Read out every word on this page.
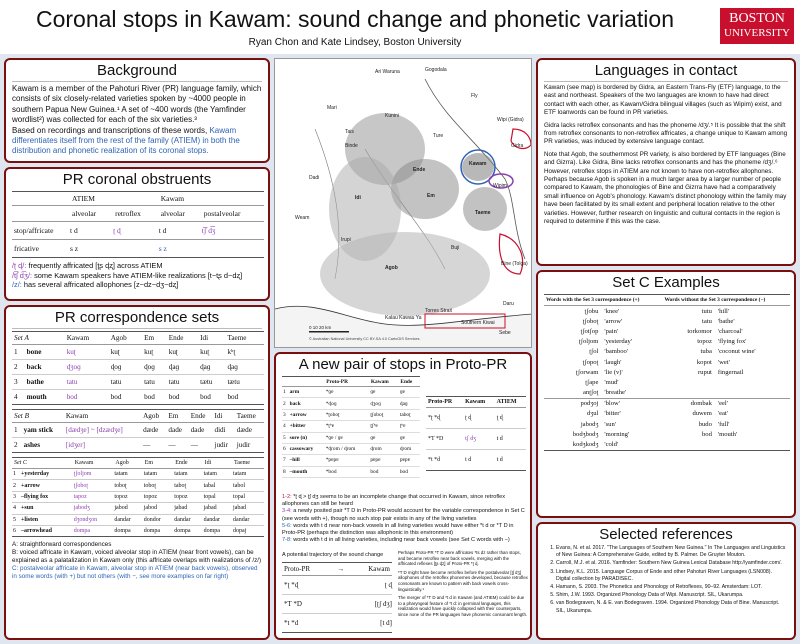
Coronal stops in Kawam: sound change and phonetic variation
Ryan Chon and Kate Lindsey, Boston University
BOSTON
UNIVERSITY
Background
Kawam is a member of the Pahoturi River (PR) language family, which consists of six closely-related varieties spoken by ~4000 people in southern Papua New Guinea.¹ A set of ~400 words (the Yamfinder wordlist²) was collected for each of the six varieties.³
Based on recordings and transcriptions of these words, Kawam differentiates itself from the rest of the family (ATIEM) in both the distribution and phonetic realization of its coronal stops.
PR coronal obstruents
	ATIEM		Kawam	
	alveolar	retroflex	alveolar	postalveolar
stop/affricate	t d	ʈ ɖ	t d	t͡ʃ d͡ʒ
fricative	s z		s z	
/ʈ ɖ/: frequently affricated [ʈʂ ɖʐ] across ATIEM
/t͡ʃ d͡ʒ/: some Kawam speakers have ATIEM-like realizations [t~tʂ d~dʐ]
/z/: has several affricated allophones [z~dz~dʒ~dʐ]
PR correspondence sets
Set A		Kawam	Agob	Em	Ende	Idi	Taeme
1	bone	kuʈ	kuʈ	kuʈ	kuʈ	kuʈ	kʰʈ
2	back	ɖʒoɡ	ɖoɡ	ɖoɡ	ɖaɡ	ɖaɡ	ɖaɡ
3	bathe	tatu	tatu	tatu	tatu	tætu	tætu
4	mouth	bod	bod	bod	bod	bod	bod
Set B		Kawam	Agob	Em	Ende	Idi	Taeme
1	yam stick	[dædʒe] ~ [dzædʒe]	dæde	dade	dade	didi	dæde
2	ashes	[idʒer]	—	—	—	judir	judir
Set C		Kawam	Agob	Em	Ende	Idi	Taeme
1	+yesterday	ʈʃoljom	tatam	tatam	tatam	tatam	tatam
2	+arrow	ʈʃoboʈ	toboʈ	toboʈ	taboʈ	tabal	tabol
3	–flying fox	tapoz	topoz	topoz	topoz	topal	topal
4	+sun	jabodʒ	jabod	jabod	jabad	jabad	jabad
5	+listen	dʒondʒon	dandar	dondor	dandar	dandar	dandar
6	–arrowhead	dompa	dompa	dompa	dompa	dompa	dopaj
A: straightforward correspondences
B: voiced affricate in Kawam, voiced alveolar stop in ATIEM (near front vowels), can be explained as a palatalization in Kawam only (this affricate overlaps with realizations of /z/)
C: postalveolar affricate in Kawam, alveolar stop in ATIEM (near back vowels), observed in some words (with +) but not others (with −, see more examples on far right)
Ari Waruna	Gogodala
Wipi (Gidra)
Fly
Kawam
Idi
Ende
Em
Taeme
Agob
Binde
Ture
Wipim
Dadi
Gidra
Irupi
Mari
Kunini
Bine (Tolga)
Southern Kiwai
Daru
Torres Strait
Kalau Kawau Ya
Sebe
Tais
Buji
Weam
0 10 20 km
© Australian National University CC BY-SA 4.0 CartoGIS Services
A new pair of stops in Proto-PR
		Proto-PR	Kawam	Ende
1	arm	*ɡɐ	ɡɐ	ɡɐ
2	back	*ɖoɡ	ɖʒoɡ	ɖaɡ
3	+arrow	*ʈoboʈ	ʈʃoboʈ	taboʈ
4	+bitter	*ʈʰɐ	ʈʃʰɐ	ʈʰɐ
5	sore (n)	*ɡɐ / ɡɐ	ɡɐ	ɡɐ
6	cassowary	*ɖrom / ɖrom	ɖrom	ɖrom
7	–hill	*pɐpɐ	pɐpɐ	pɐpɐ
8	–mouth	*bod	bod	bod
Proto-PR	Kawam	ATIEM
*ʈ *ɖ	ʈ ɖ	ʈ ɖ
*T *D	tʃ dʒ	t d
*t *d	t d	t d
1-2: *ʈ ɖ > ʈʃ dʒ seems to be an incomplete change that occurred in Kawam, since retroflex allophones can still be heard
3-4: a newly posited pair *T D in Proto-PR would account for the variable correspondence in Set C (see words with +), though no such stop pair exists in any of the living varieties
5-6: words with t d near non-back vowels in all living varieties would have either *t d or *T D in Proto-PR (perhaps the distinction was allophonic in this environment)
7-8: words with t d in all living varieties, including near back vowels (see Set C words with −)
A potential trajectory of the sound change
Proto-PR	→	Kawam
*ʈ *ɖ		ʈ ɖ
*T *D		[ʈʃ dʒ]
*t *d		[t d]
Perhaps Proto-PR *T D were affricates *ts dz rather than stops, and became retroflex near back vowels, merging with the affricated reflexes [ʈʂ ɖʐ] of Proto-PR *ʈ ɖ.
*T D might have become retroflex before the postalveolar [ʈʃ dʒ] allophones of the retroflex phonemes developed, because retroflex consonants are known to pattern with back vowels cross-linguistically.⁴
The merger of *T D and *t d in Kawam (and ATIEM) could be due to a pharyngeal feature of *t d: in germinal languages, this realization would have quickly collapsed with their counterparts, since none of the PR languages have phonemic consonant length.
Languages in contact

Kawam (see map) is bordered by Gidra, an Eastern Trans-Fly (ETF) language, to the east and northeast. Speakers of the two languages are known to have had direct contact with each other, as Kawam/Gidra bilingual villages (such as Wipim) exist, and ETF loanwords can be found in PR varieties.

Gidra lacks retroflex consonants and has the phoneme /dʒ/.⁵ It is possible that the shift from retroflex consonants to non-retroflex affricates, a change unique to Kawam among PR varieties, was induced by extensive language contact.

Note that Agob, the southernmost PR variety, is also bordered by ETF languages (Bine and Gizrra). Like Gidra, Bine lacks retroflex consonants and has the phoneme /dʒ/.⁶ However, retroflex stops in ATIEM are not known to have non-retroflex allophones. Perhaps because Agob is spoken in a much larger area by a larger number of people compared to Kawam, the phonologies of Bine and Gizrra have had a comparatively small influence on Agob's phonology. Kawam's distinct phonology within the family may have been facilitated by its small extent and peripheral location relative to the other varieties. However, further research on linguistic and cultural contacts in the region is required to determine if this was the case.

Set C Examples
Words with the Set 3 correspondence (+)		Words without the Set 3 correspondence (−)	
ʈʃobu	'knee'	tutu	'hill'
ʈʃoboʈ	'arrow'	tatu	'bathe'
ʈʃotʃop	'pain'	torkomor	'charcoal'
ʈʃoljom	'yesterday'	topoz	'flying fox'
ʈʃol	'bamboo'	tuba	'coconut wine'
ʈʃopoʈ	'laugh'	kopot	'wet'
ʈʃorwam	'lie (v)'	ruput	fingernail
ʈʃape	'mud'		
anʈʃoʈ	'breathe'		
podʒoj	'blow'	dombak	'eel'
dʒul	'bitter'	duwem	'eat'
jabodʒ	'sun'	budo	'full'
bodʒbodʒ	'morning'	bod	'mouth'
kodʒkodʒ	'cold'		
Selected references
1. Evans, N. et al. 2017. "The Languages of Southern New Guinea." In The Languages and Linguistics of New Guinea: A Comprehensive Guide, edited by B. Palmer. De Gruyter Mouton.
2. Carroll, M.J. et al. 2016. Yamfinder: Southern New Guinea Lexical Database http://yamfinder.com/.
3. Lindsey, K.L. 2015. Language Corpus of Ende and other Pahoturi River Languages (LSN008). Digital collection by PARADISEC.
4. Hamann, S. 2003. The Phonetics and Phonology of Retroflexes, 90–92. Amsterdam: LOT.
5. Shim, J.W. 1993. Organized Phonology Data of Wipi. Manuscript. SIL, Ukarumpa.
6. van Bodegraven, N. & E. van Bodegraven. 1994. Organized Phonology Data of Bine. Manuscript. SIL, Ukarumpa.
